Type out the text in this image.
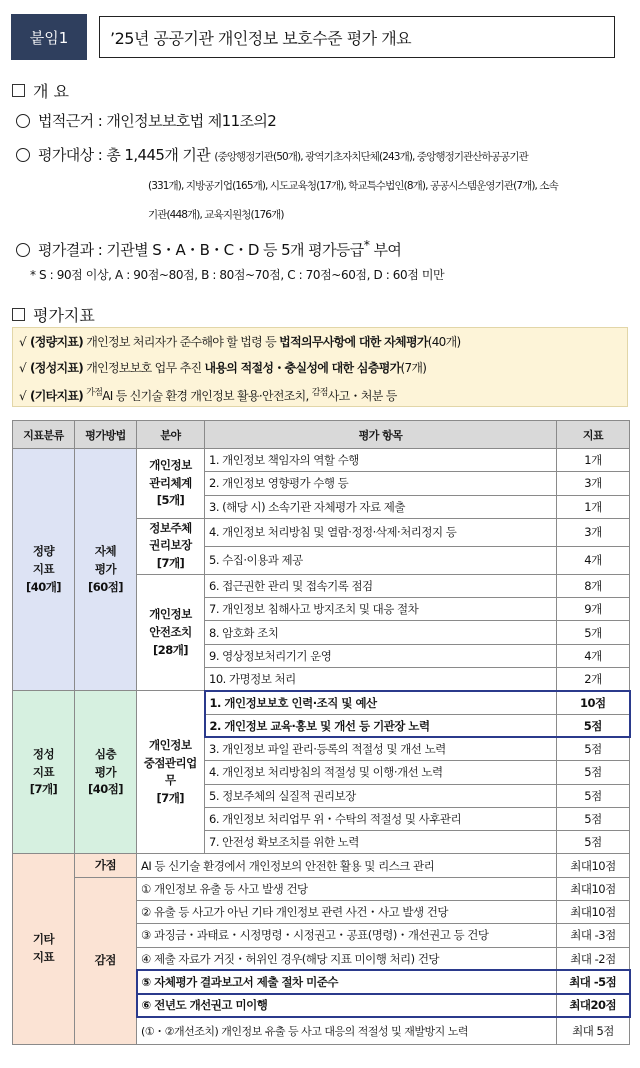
붙임1	’25년 공공기관 개인정보 보호수준 평가 개요
개 요
법적근거 : 개인정보보호법 제11조의2
평가대상 : 총 1,445개 기관 (중앙행정기관(50개), 광역기초자치단체(243개), 중앙행정기관산하공공기관
(331개), 지방공기업(165개), 시도교육청(17개), 학교특수법인(8개), 공공시스템운영기관(7개), 소속
기관(448개), 교육지원청(176개)
평가결과 : 기관별 S・A・B・C・D 등 5개 평가등급* 부여
* S : 90점 이상, A : 90점~80점, B : 80점~70점, C : 70점~60점, D : 60점 미만
평가지표
√ (정량지표) 개인정보 처리자가 준수해야 할 법령 등 법적의무사항에 대한 자체평가(40개)
√ (정성지표) 개인정보보호 업무 추진 내용의 적절성・충실성에 대한 심층평가(7개)
√ (기타지표) $^{가점}$AI 등 신기술 환경 개인정보 활용·안전조치, $^{감점}$사고・처분 등
지표분류	평가방법	분야	평가 항목	지표
정량
지표
[40개]	자체
평가
[60점]	개인정보
관리체계
[5개]	1. 개인정보 책임자의 역할 수행	1개
			2. 개인정보 영향평가 수행 등	3개
			3. (해당 시) 소속기관 자체평가 자료 제출	1개
		정보주체
권리보장
[7개]	4. 개인정보 처리방침 및 열람·정정·삭제·처리정지 등	3개
			5. 수집·이용과 제공	4개
		개인정보
안전조치
[28개]	6. 접근권한 관리 및 접속기록 점검	8개
			7. 개인정보 침해사고 방지조치 및 대응 절차	9개
			8. 암호화 조치	5개
			9. 영상정보처리기기 운영	4개
			10. 가명정보 처리	2개
정성
지표
[7개]	심층
평가
[40점]	개인정보
중점관리업
무
[7개]	1. 개인정보보호 인력·조직 및 예산	10점
			2. 개인정보 교육·홍보 및 개선 등 기관장 노력	5점
			3. 개인정보 파일 관리·등록의 적절성 및 개선 노력	5점
			4. 개인정보 처리방침의 적절성 및 이행·개선 노력	5점
			5. 정보주체의 실질적 권리보장	5점
			6. 개인정보 처리업무 위・수탁의 적절성 및 사후관리	5점
			7. 안전성 확보조치를 위한 노력	5점
기타
지표	가점	AI 등 신기술 환경에서 개인정보의 안전한 활용 및 리스크 관리		최대10점
	감점	① 개인정보 유출 등 사고 발생 건당		최대10점
		② 유출 등 사고가 아닌 기타 개인정보 관련 사건・사고 발생 건당		최대10점
		③ 과징금・과태료・시정명령・시정권고・공표(명령)・개선권고 등 건당		최대 -3점
		④ 제출 자료가 거짓・허위인 경우(해당 지표 미이행 처리) 건당		최대 -2점
		⑤ 자체평가 결과보고서 제출 절차 미준수		최대 -5점
		⑥ 전년도 개선권고 미이행		최대20점
		(①・②개선조치) 개인정보 유출 등 사고 대응의 적절성 및 재발방지 노력		최대 5점
